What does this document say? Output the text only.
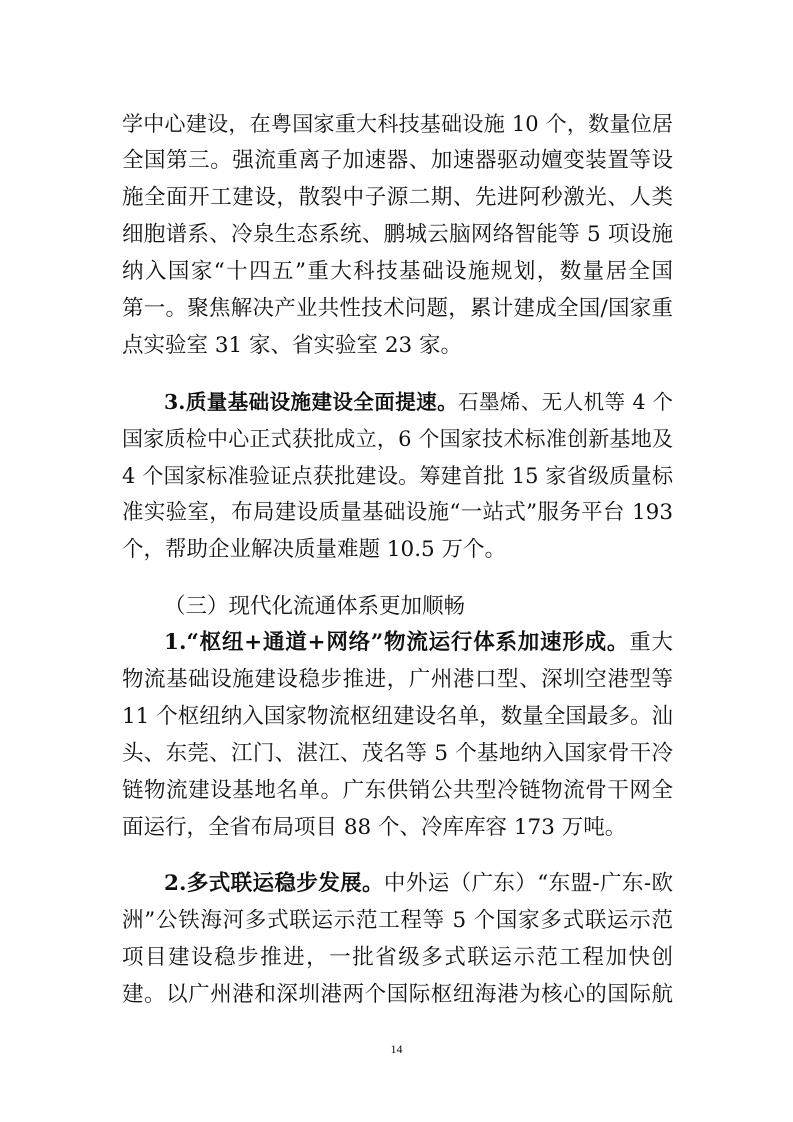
学中心建设，在粤国家重大科技基础设施 10 个，数量位居
全国第三。强流重离子加速器、加速器驱动嬗变装置等设
施全面开工建设，散裂中子源二期、先进阿秒激光、人类
细胞谱系、冷泉生态系统、鹏城云脑网络智能等 5 项设施
纳入国家“十四五”重大科技基础设施规划，数量居全国
第一。聚焦解决产业共性技术问题，累计建成全国/国家重
点实验室 31 家、省实验室 23 家。
3.质量基础设施建设全面提速。石墨烯、无人机等 4 个
国家质检中心正式获批成立，6 个国家技术标准创新基地及
4 个国家标准验证点获批建设。筹建首批 15 家省级质量标
准实验室，布局建设质量基础设施“一站式”服务平台 193
个，帮助企业解决质量难题 10.5 万个。
（三）现代化流通体系更加顺畅
1.“枢纽+通道+网络”物流运行体系加速形成。重大
物流基础设施建设稳步推进，广州港口型、深圳空港型等
11 个枢纽纳入国家物流枢纽建设名单，数量全国最多。汕
头、东莞、江门、湛江、茂名等 5 个基地纳入国家骨干冷
链物流建设基地名单。广东供销公共型冷链物流骨干网全
面运行，全省布局项目 88 个、冷库库容 173 万吨。
2.多式联运稳步发展。中外运（广东）“东盟-广东-欧
洲”公铁海河多式联运示范工程等 5 个国家多式联运示范
项目建设稳步推进，一批省级多式联运示范工程加快创
建。以广州港和深圳港两个国际枢纽海港为核心的国际航
14
